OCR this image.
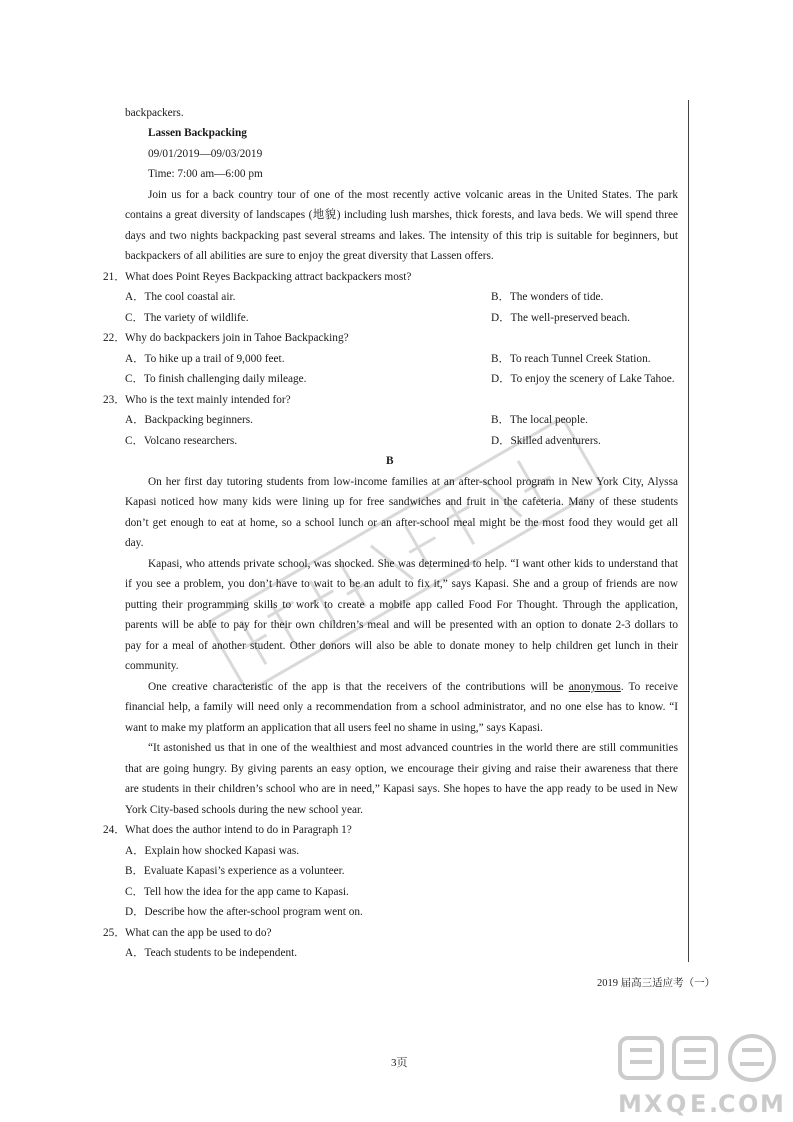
backpackers.
Lassen Backpacking
09/01/2019—09/03/2019
Time: 7:00 am—6:00 pm
Join us for a back country tour of one of the most recently active volcanic areas in the United States. The park
contains a great diversity of landscapes (地貌) including lush marshes, thick forests, and lava beds. We will spend three
days and two nights backpacking past several streams and lakes. The intensity of this trip is suitable for beginners, but
backpackers of all abilities are sure to enjoy the great diversity that Lassen offers.
21． What does Point Reyes Backpacking attract backpackers most?
A．The cool coastal air.	B．The wonders of tide.
C．The variety of wildlife.	D．The well-preserved beach.
22． Why do backpackers join in Tahoe Backpacking?
A．To hike up a trail of 9,000 feet.	B．To reach Tunnel Creek Station.
C．To finish challenging daily mileage.	D．To enjoy the scenery of Lake Tahoe.
23． Who is the text mainly intended for?
A．Backpacking beginners.	B．The local people.
C．Volcano researchers.	D．Skilled adventurers.
B
On her first day tutoring students from low-income families at an after-school program in New York City, Alyssa
Kapasi noticed how many kids were lining up for free sandwiches and fruit in the cafeteria. Many of these students
don’t get enough to eat at home, so a school lunch or an after-school meal might be the most food they would get all
day.
Kapasi, who attends private school, was shocked. She was determined to help. “I want other kids to understand that
if you see a problem, you don’t have to wait to be an adult to fix it,” says Kapasi. She and a group of friends are now
putting their programming skills to work to create a mobile app called Food For Thought. Through the application,
parents will be able to pay for their own children’s meal and will be presented with an option to donate 2-3 dollars to
pay for a meal of another student. Other donors will also be able to donate money to help children get lunch in their
community.
One creative characteristic of the app is that the receivers of the contributions will be anonymous. To receive
financial help, a family will need only a recommendation from a school administrator, and no one else has to know. “I
want to make my platform an application that all users feel no shame in using,” says Kapasi.
“It astonished us that in one of the wealthiest and most advanced countries in the world there are still communities
that are going hungry. By giving parents an easy option, we encourage their giving and raise their awareness that there
are students in their children’s school who are in need,” Kapasi says. She hopes to have the app ready to be used in New
York City-based schools during the new school year.
24． What does the author intend to do in Paragraph 1?
A．Explain how shocked Kapasi was.
B．Evaluate Kapasi’s experience as a volunteer.
C．Tell how the idea for the app came to Kapasi.
D．Describe how the after-school program went on.
25． What can the app be used to do?
A．Teach students to be independent.
2019 届高三适应考（一）
3页
M X Q E . C O M
